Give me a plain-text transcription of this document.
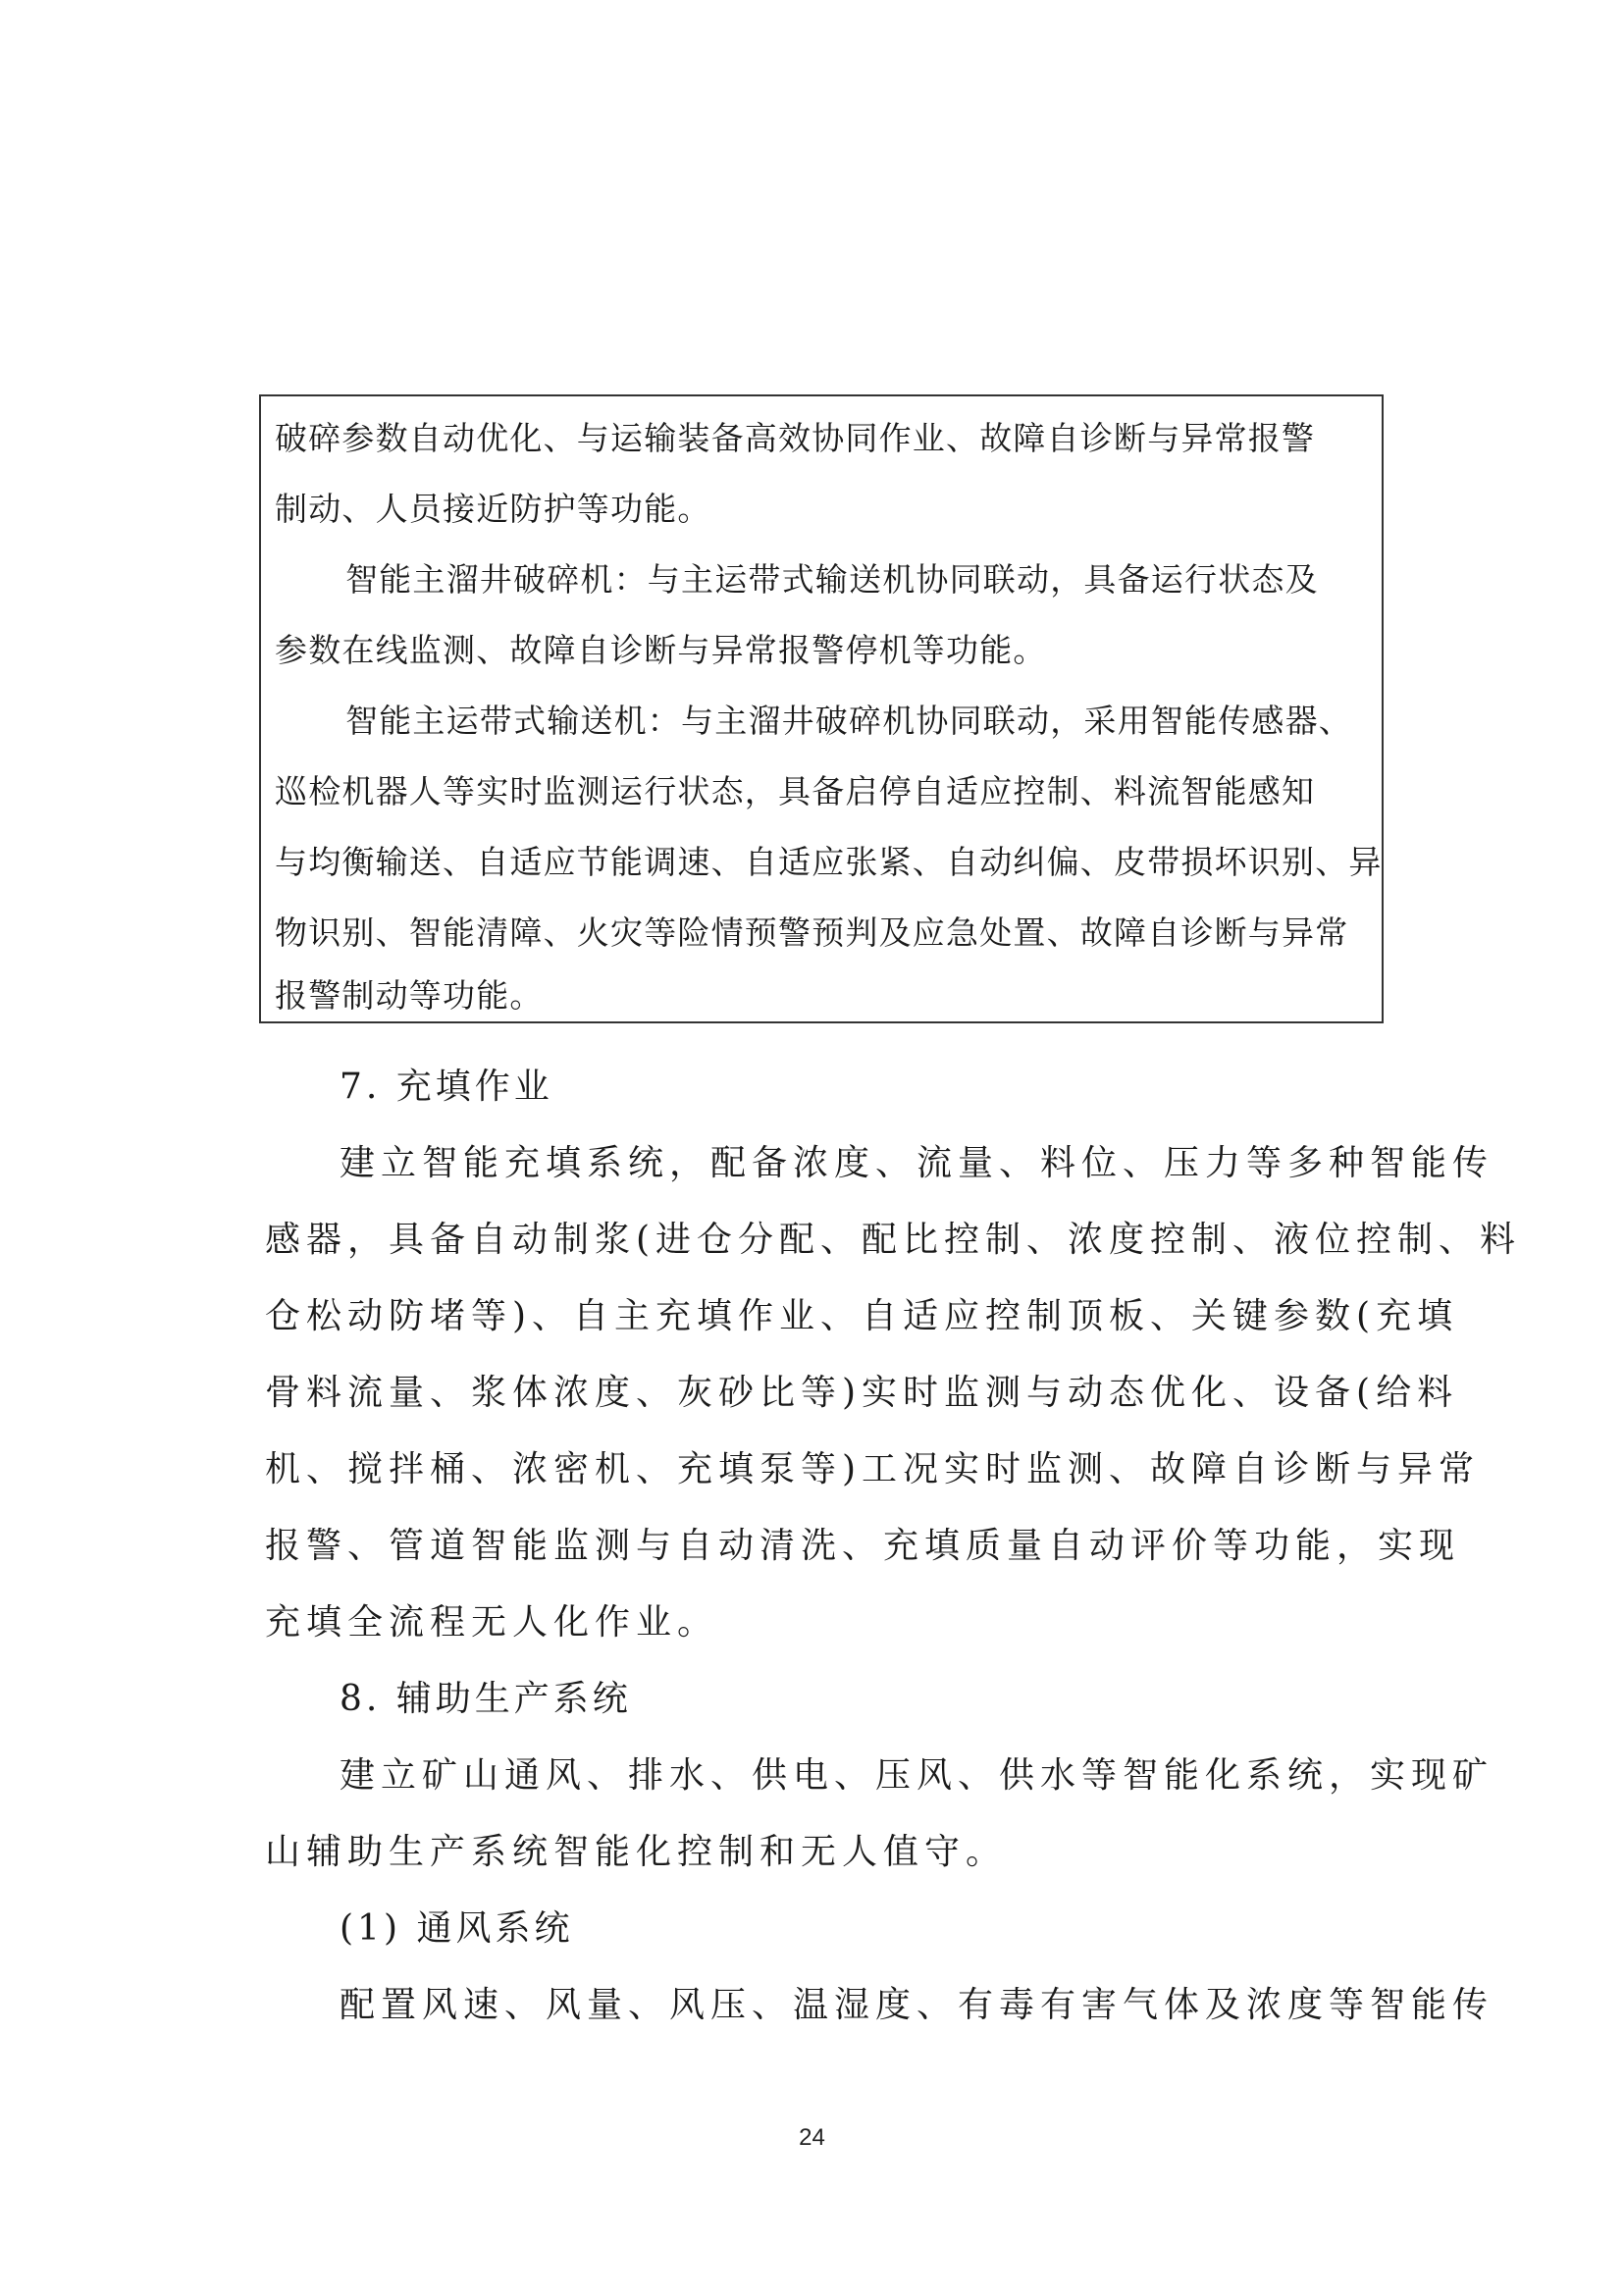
破碎参数自动优化、与运输装备高效协同作业、故障自诊断与异常报警
制动、人员接近防护等功能。
智能主溜井破碎机：与主运带式输送机协同联动，具备运行状态及
参数在线监测、故障自诊断与异常报警停机等功能。
智能主运带式输送机：与主溜井破碎机协同联动，采用智能传感器、
巡检机器人等实时监测运行状态，具备启停自适应控制、料流智能感知
与均衡输送、自适应节能调速、自适应张紧、自动纠偏、皮带损坏识别、异
物识别、智能清障、火灾等险情预警预判及应急处置、故障自诊断与异常
报警制动等功能。
7. 充填作业
建立智能充填系统，配备浓度、流量、料位、压力等多种智能传
感器，具备自动制浆(进仓分配、配比控制、浓度控制、液位控制、料
仓松动防堵等)、自主充填作业、自适应控制顶板、关键参数(充填
骨料流量、浆体浓度、灰砂比等)实时监测与动态优化、设备(给料
机、搅拌桶、浓密机、充填泵等)工况实时监测、故障自诊断与异常
报警、管道智能监测与自动清洗、充填质量自动评价等功能，实现
充填全流程无人化作业。
8. 辅助生产系统
建立矿山通风、排水、供电、压风、供水等智能化系统，实现矿
山辅助生产系统智能化控制和无人值守。
(1) 通风系统
配置风速、风量、风压、温湿度、有毒有害气体及浓度等智能传
24
